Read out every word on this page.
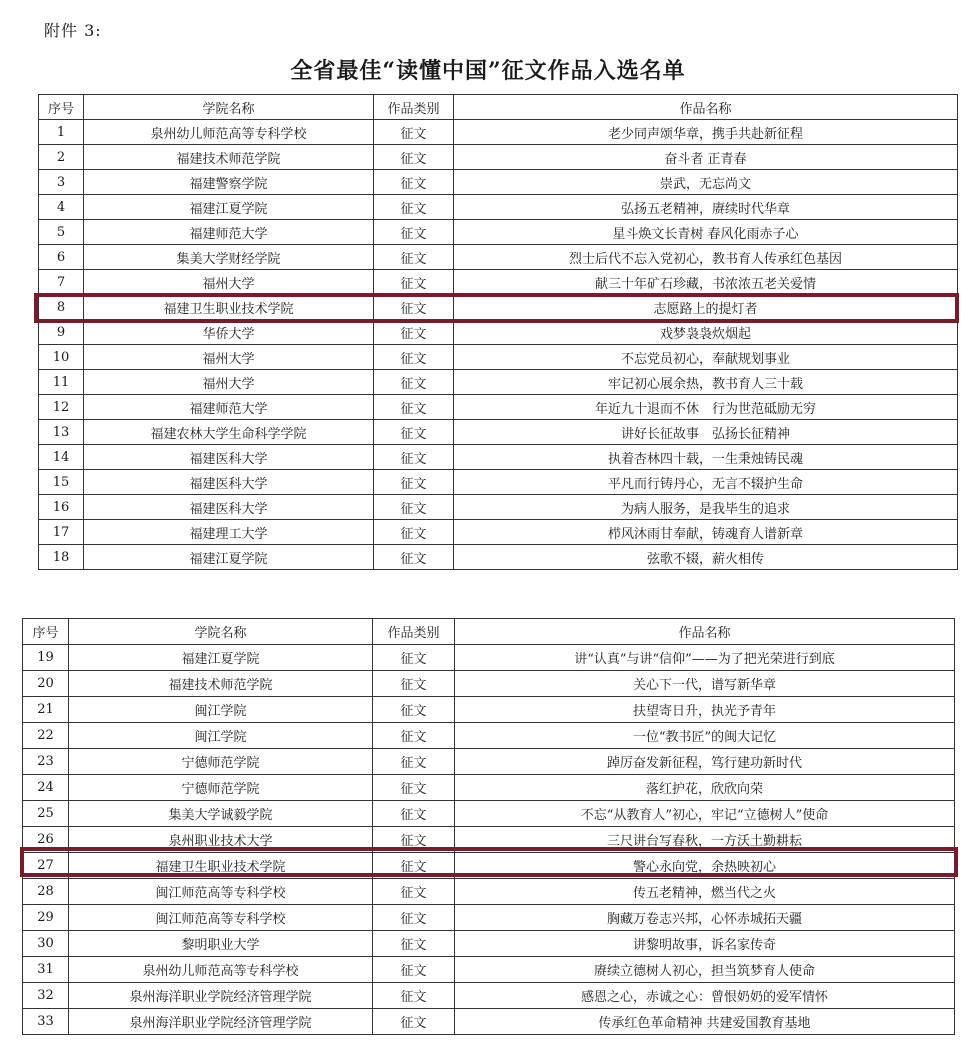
附件 3:
全省最佳“读懂中国”征文作品入选名单
序号	学院名称	作品类别	作品名称
1	泉州幼儿师范高等专科学校	征文	老少同声颂华章，携手共赴新征程
2	福建技术师范学院	征文	奋斗者 正青春
3	福建警察学院	征文	崇武，无忘尚文
4	福建江夏学院	征文	弘扬五老精神，赓续时代华章
5	福建师范大学	征文	星斗焕文长青树 春风化雨赤子心
6	集美大学财经学院	征文	烈士后代不忘入党初心，教书育人传承红色基因
7	福州大学	征文	献三十年矿石珍藏，书浓浓五老关爱情
8	福建卫生职业技术学院	征文	志愿路上的提灯者
9	华侨大学	征文	戏梦袅袅炊烟起
10	福州大学	征文	不忘党员初心，奉献规划事业
11	福州大学	征文	牢记初心展余热，教书育人三十载
12	福建师范大学	征文	年近九十退而不休　行为世范砥励无穷
13	福建农林大学生命科学学院	征文	讲好长征故事　弘扬长征精神
14	福建医科大学	征文	执着杏林四十载，一生秉烛铸民魂
15	福建医科大学	征文	平凡而行铸丹心，无言不辍护生命
16	福建医科大学	征文	为病人服务，是我毕生的追求
17	福建理工大学	征文	栉风沐雨甘奉献，铸魂育人谱新章
18	福建江夏学院	征文	弦歌不辍，薪火相传
序号	学院名称	作品类别	作品名称
19	福建江夏学院	征文	讲“认真”与讲“信仰”——为了把光荣进行到底
20	福建技术师范学院	征文	关心下一代，谱写新华章
21	闽江学院	征文	扶望寄日升，执光予青年
22	闽江学院	征文	一位“教书匠”的闽大记忆
23	宁德师范学院	征文	踔厉奋发新征程，笃行建功新时代
24	宁德师范学院	征文	落红护花，欣欣向荣
25	集美大学诚毅学院	征文	不忘“从教育人”初心，牢记“立德树人”使命
26	泉州职业技术大学	征文	三尺讲台写春秋，一方沃土勤耕耘
27	福建卫生职业技术学院	征文	警心永向党，余热映初心
28	闽江师范高等专科学校	征文	传五老精神，燃当代之火
29	闽江师范高等专科学校	征文	胸藏万卷志兴邦，心怀赤城拓天疆
30	黎明职业大学	征文	讲黎明故事，诉名家传奇
31	泉州幼儿师范高等专科学校	征文	赓续立德树人初心，担当筑梦育人使命
32	泉州海洋职业学院经济管理学院	征文	感恩之心，赤诚之心：曾恨奶奶的爱军情怀
33	泉州海洋职业学院经济管理学院	征文	传承红色革命精神 共建爱国教育基地
